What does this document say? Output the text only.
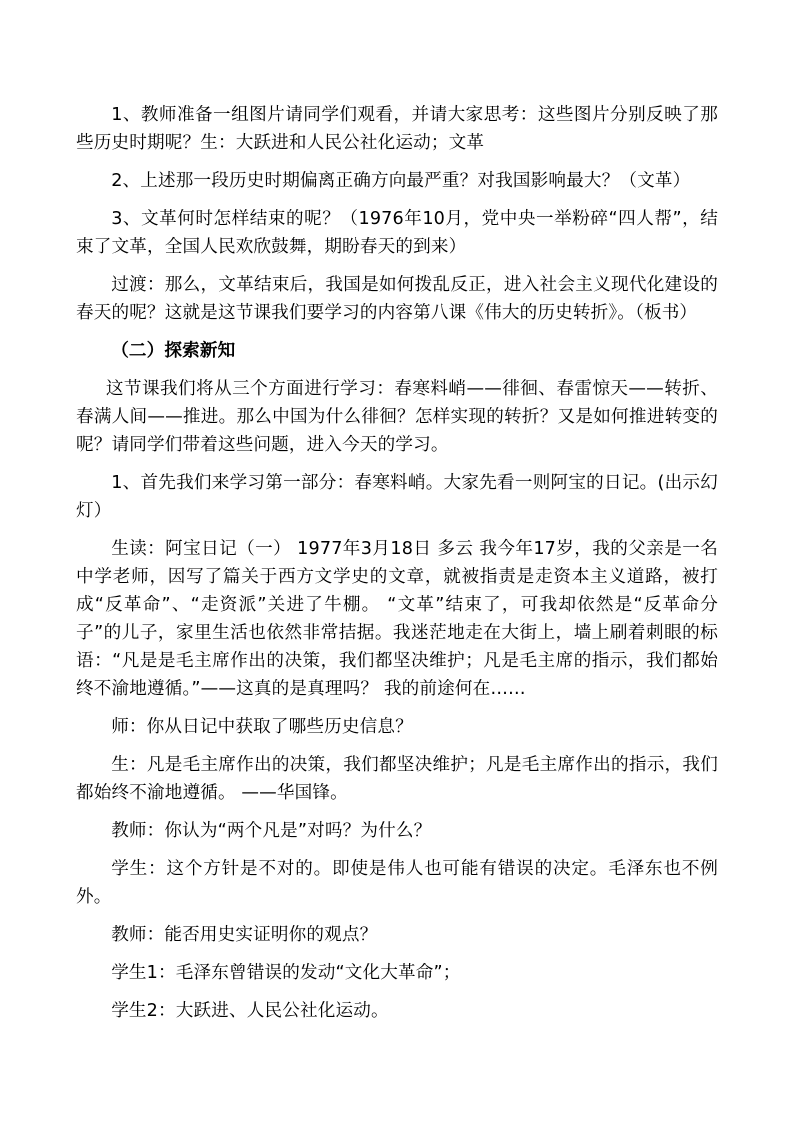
1、教师准备一组图片请同学们观看，并请大家思考：这些图片分别反映了那些历史时期呢？生：大跃进和人民公社化运动；文革

2、上述那一段历史时期偏离正确方向最严重？对我国影响最大？（文革）

3、文革何时怎样结束的呢？（1976年10月，党中央一举粉碎“四人帮”，结束了文革，全国人民欢欣鼓舞，期盼春天的到来）

过渡：那么，文革结束后，我国是如何拨乱反正，进入社会主义现代化建设的春天的呢？这就是这节课我们要学习的内容第八课《伟大的历史转折》。（板书）

（二）探索新知

这节课我们将从三个方面进行学习：春寒料峭——徘徊、春雷惊天——转折、春满人间——推进。那么中国为什么徘徊？怎样实现的转折？又是如何推进转变的呢？请同学们带着这些问题，进入今天的学习。

1、首先我们来学习第一部分：春寒料峭。大家先看一则阿宝的日记。(出示幻灯）

生读：阿宝日记（一） 1977年3月18日 多云 我今年17岁，我的父亲是一名中学老师，因写了篇关于西方文学史的文章，就被指责是走资本主义道路，被打成“反革命”、“走资派”关进了牛棚。 “文革”结束了，可我却依然是“反革命分子”的儿子，家里生活也依然非常拮据。我迷茫地走在大街上，墙上刷着刺眼的标语：“凡是是毛主席作出的决策，我们都坚决维护；凡是毛主席的指示，我们都始终不渝地遵循。”——这真的是真理吗？ 我的前途何在……

师：你从日记中获取了哪些历史信息？

生：凡是毛主席作出的决策，我们都坚决维护；凡是毛主席作出的指示，我们都始终不渝地遵循。 ——华国锋。

教师：你认为“两个凡是”对吗？为什么？

学生：这个方针是不对的。即使是伟人也可能有错误的决定。毛泽东也不例外。

教师：能否用史实证明你的观点？

学生1：毛泽东曾错误的发动“文化大革命”；

学生2：大跃进、人民公社化运动。
